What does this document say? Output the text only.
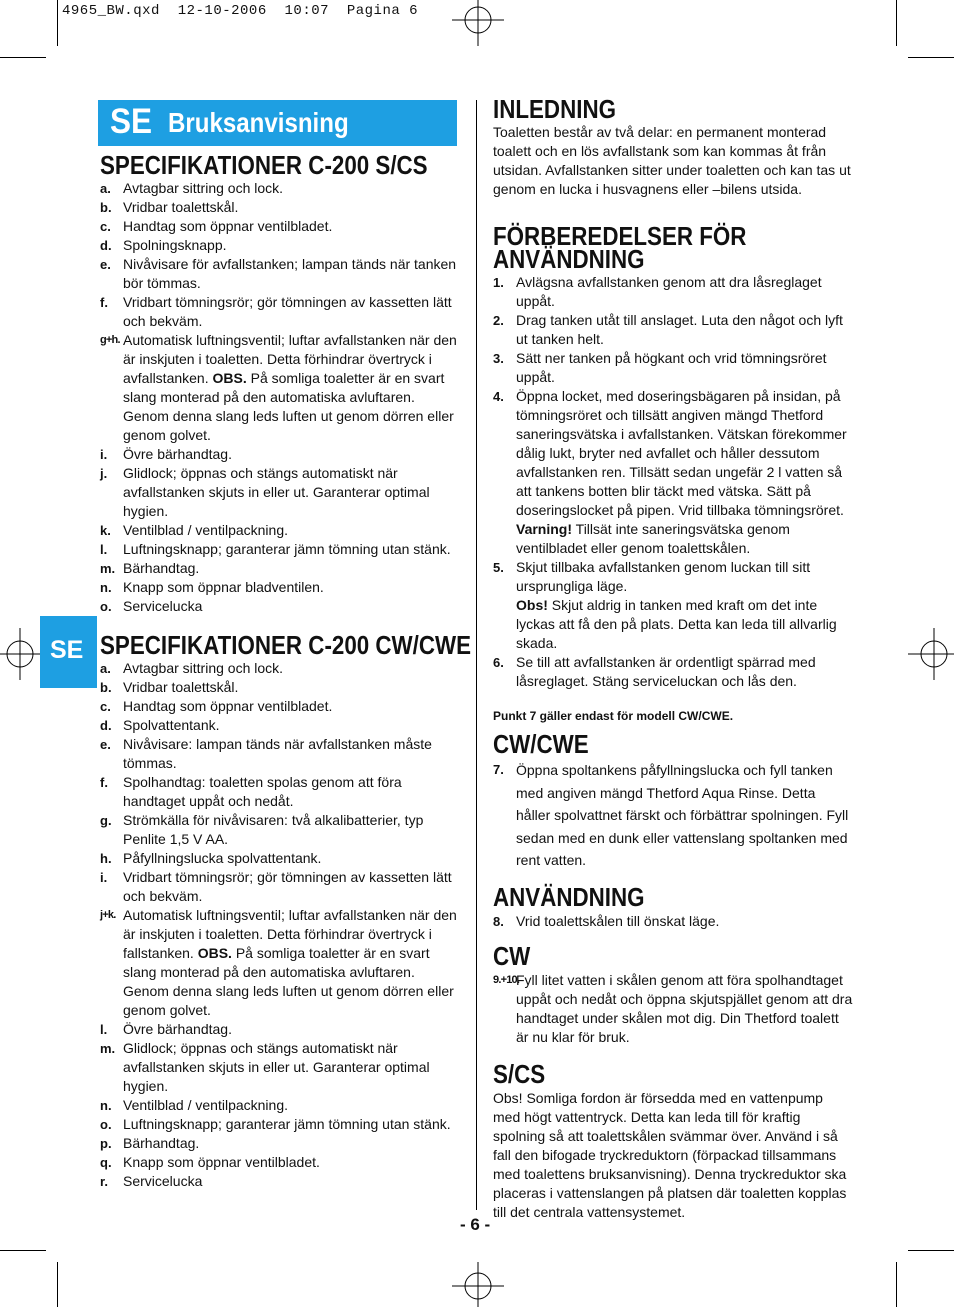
4965_BW.qxd  12-10-2006  10:07  Pagina 6
SE Bruksanvisning
SE
SPECIFIKATIONER C-200 S/CS
a. Avtagbar sittring och lock.
b. Vridbar toalettskål.
c. Handtag som öppnar ventilbladet.
d. Spolningsknapp.
e. Nivåvisare för avfallstanken; lampan tänds när tanken bör tömmas.
f. Vridbart tömningsrör; gör tömningen av kassetten lätt och bekväm.
g+h. Automatisk luftningsventil; luftar avfallstanken när den är inskjuten i toaletten. Detta förhindrar övertryck i avfallstanken. OBS. På somliga toaletter är en svart slang monterad på den automatiska avluftaren. Genom denna slang leds luften ut genom dörren eller genom golvet.
i. Övre bärhandtag.
j. Glidlock; öppnas och stängs automatiskt när avfallstanken skjuts in eller ut. Garanterar optimal hygien.
k. Ventilblad / ventilpackning.
l. Luftningsknapp; garanterar jämn tömning utan stänk.
m. Bärhandtag.
n. Knapp som öppnar bladventilen.
o. Servicelucka
SPECIFIKATIONER C-200 CW/CWE
a. Avtagbar sittring och lock.
b. Vridbar toalettskål.
c. Handtag som öppnar ventilbladet.
d. Spolvattentank.
e. Nivåvisare: lampan tänds när avfallstanken måste tömmas.
f. Spolhandtag: toaletten spolas genom att föra handtaget uppåt och nedåt.
g. Strömkälla för nivåvisaren: två alkalibatterier, typ Penlite 1,5 V AA.
h. Påfyllningslucka spolvattentank.
i. Vridbart tömningsrör; gör tömningen av kassetten lätt och bekväm.
j+k. Automatisk luftningsventil; luftar avfallstanken när den är inskjuten i toaletten. Detta förhindrar övertryck i fallstanken. OBS. På somliga toaletter är en svart slang monterad på den automatiska avluftaren. Genom denna slang leds luften ut genom dörren eller genom golvet.
l. Övre bärhandtag.
m. Glidlock; öppnas och stängs automatiskt när avfallstanken skjuts in eller ut. Garanterar optimal hygien.
n. Ventilblad / ventilpackning.
o. Luftningsknapp; garanterar jämn tömning utan stänk.
p. Bärhandtag.
q. Knapp som öppnar ventilbladet.
r. Servicelucka
INLEDNING

Toaletten består av två delar: en permanent monterad toalett och en lös avfallstank som kan kommas åt från utsidan. Avfallstanken sitter under toaletten och kan tas ut genom en lucka i husvagnens eller –bilens utsida.

FÖRBEREDELSER FÖR
ANVÄNDNING
1. Avlägsna avfallstanken genom att dra låsreglaget uppåt.
2. Drag tanken utåt till anslaget. Luta den något och lyft ut tanken helt.
3. Sätt ner tanken på högkant och vrid tömningsröret uppåt.
4. Öppna locket, med doseringsbägaren på insidan, på tömningsröret och tillsätt angiven mängd Thetford saneringsvätska i avfallstanken. Vätskan förekommer dålig lukt, bryter ned avfallet och håller dessutom avfallstanken ren. Tillsätt sedan ungefär 2 l vatten så att tankens botten blir täckt med vätska. Sätt på doseringslocket på pipen. Vrid tillbaka tömningsröret.
Varning! Tillsät inte saneringsvätska genom ventilbladet eller genom toalettskålen.
5. Skjut tillbaka avfallstanken genom luckan till sitt ursprungliga läge.
Obs! Skjut aldrig in tanken med kraft om det inte lyckas att få den på plats. Detta kan leda till allvarlig skada.
6. Se till att avfallstanken är ordentligt spärrad med låsreglaget. Stäng serviceluckan och lås den.
Punkt 7 gäller endast för modell CW/CWE.
CW/CWE
7. Öppna spoltankens påfyllningslucka och fyll tanken med angiven mängd Thetford Aqua Rinse. Detta håller spolvattnet färskt och förbättrar spolningen. Fyll sedan med en dunk eller vattenslang spoltanken med rent vatten.
ANVÄNDNING
8. Vrid toalettskålen till önskat läge.
CW
9.+10.
Fyll litet vatten i skålen genom att föra spolhandtaget uppåt och nedåt och öppna skjutspjället genom att dra handtaget under skålen mot dig. Din Thetford toalett är nu klar för bruk.
S/CS

Obs! Somliga fordon är försedda med en vattenpump med högt vattentryck. Detta kan leda till för kraftig spolning så att toalettskålen svämmar över. Använd i så fall den bifogade tryckreduktorn (förpackad tillsammans med toalettens bruksanvisning). Denna tryckreduktor ska placeras i vattenslangen på platsen där toaletten kopplas till det centrala vattensystemet.

- 6 -
